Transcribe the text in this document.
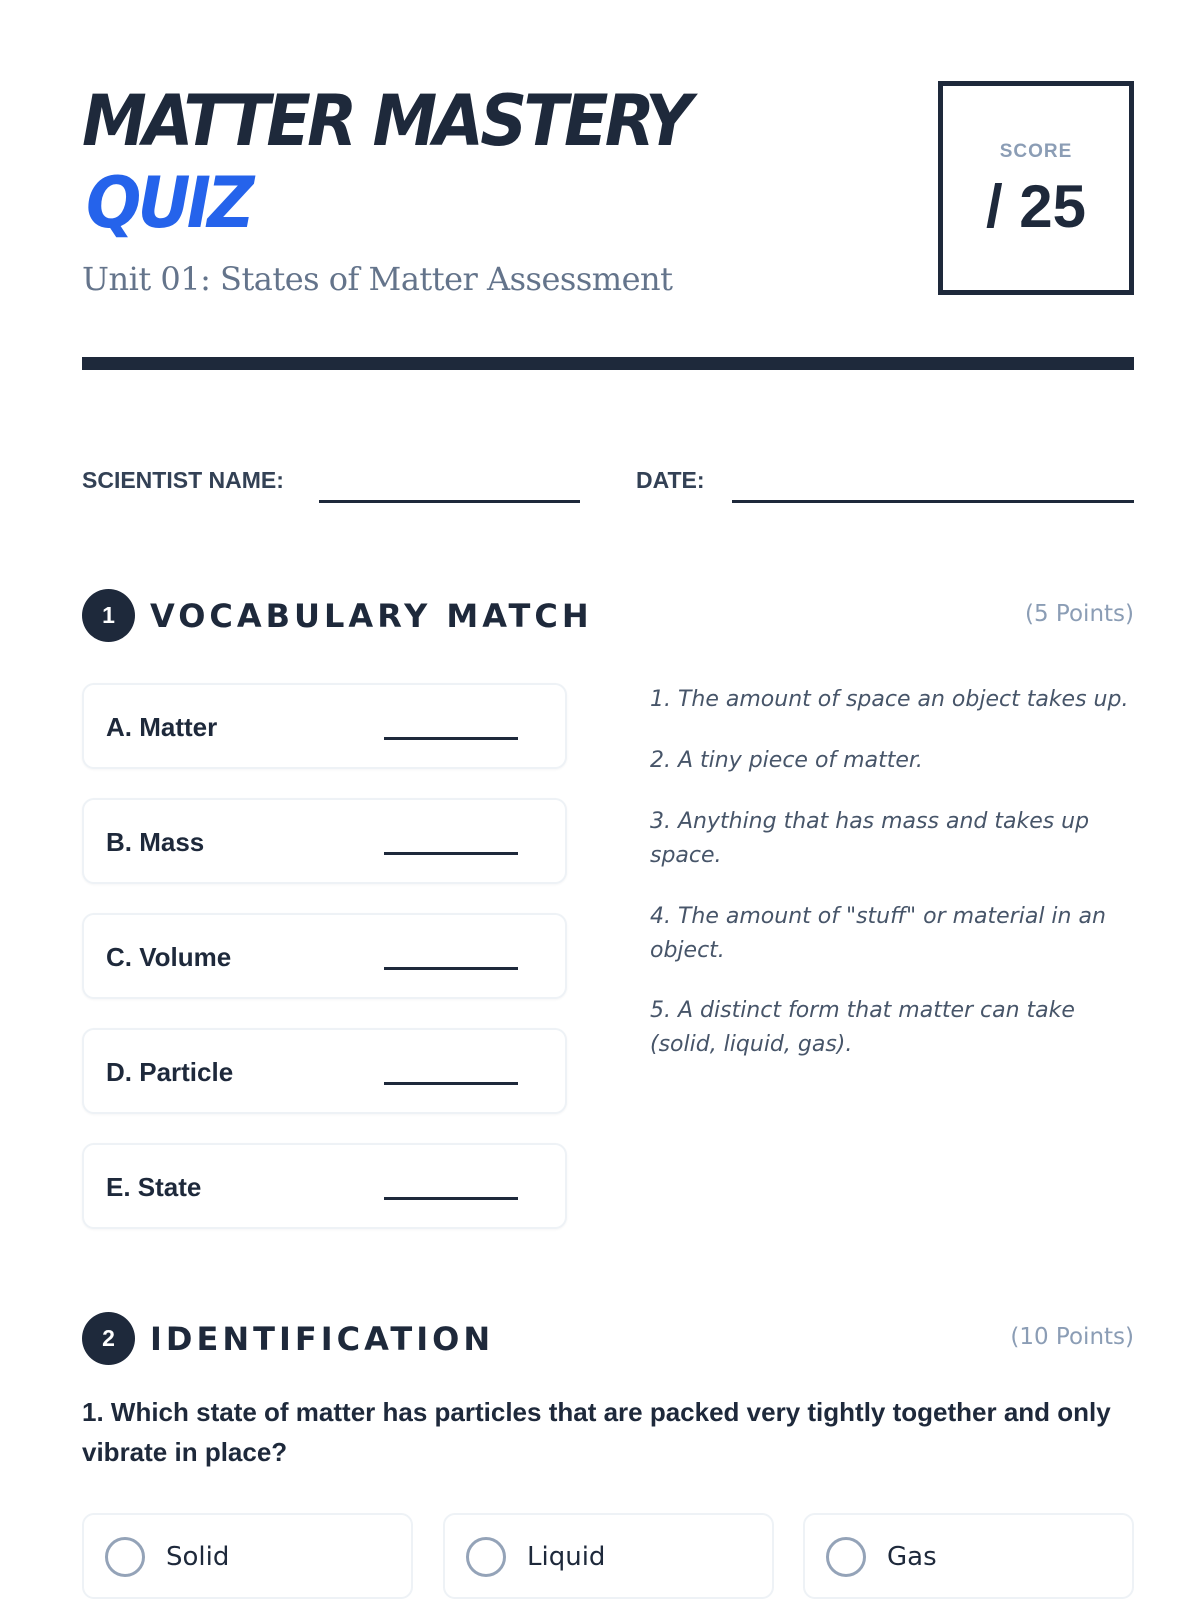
MATTER MASTERY
QUIZ
Unit 01: States of Matter Assessment
SCORE
/ 25
SCIENTIST NAME:	DATE:
1	VOCABULARY MATCH	(5 Points)
A. Matter
B. Mass
C. Volume
D. Particle
E. State
1. The amount of space an object takes up.
2. A tiny piece of matter.
3. Anything that has mass and takes up space.
4. The amount of "stuff" or material in an object.
5. A distinct form that matter can take (solid, liquid, gas).
2	IDENTIFICATION	(10 Points)
1. Which state of matter has particles that are packed very tightly together and only vibrate in place?
Solid	Liquid	Gas
